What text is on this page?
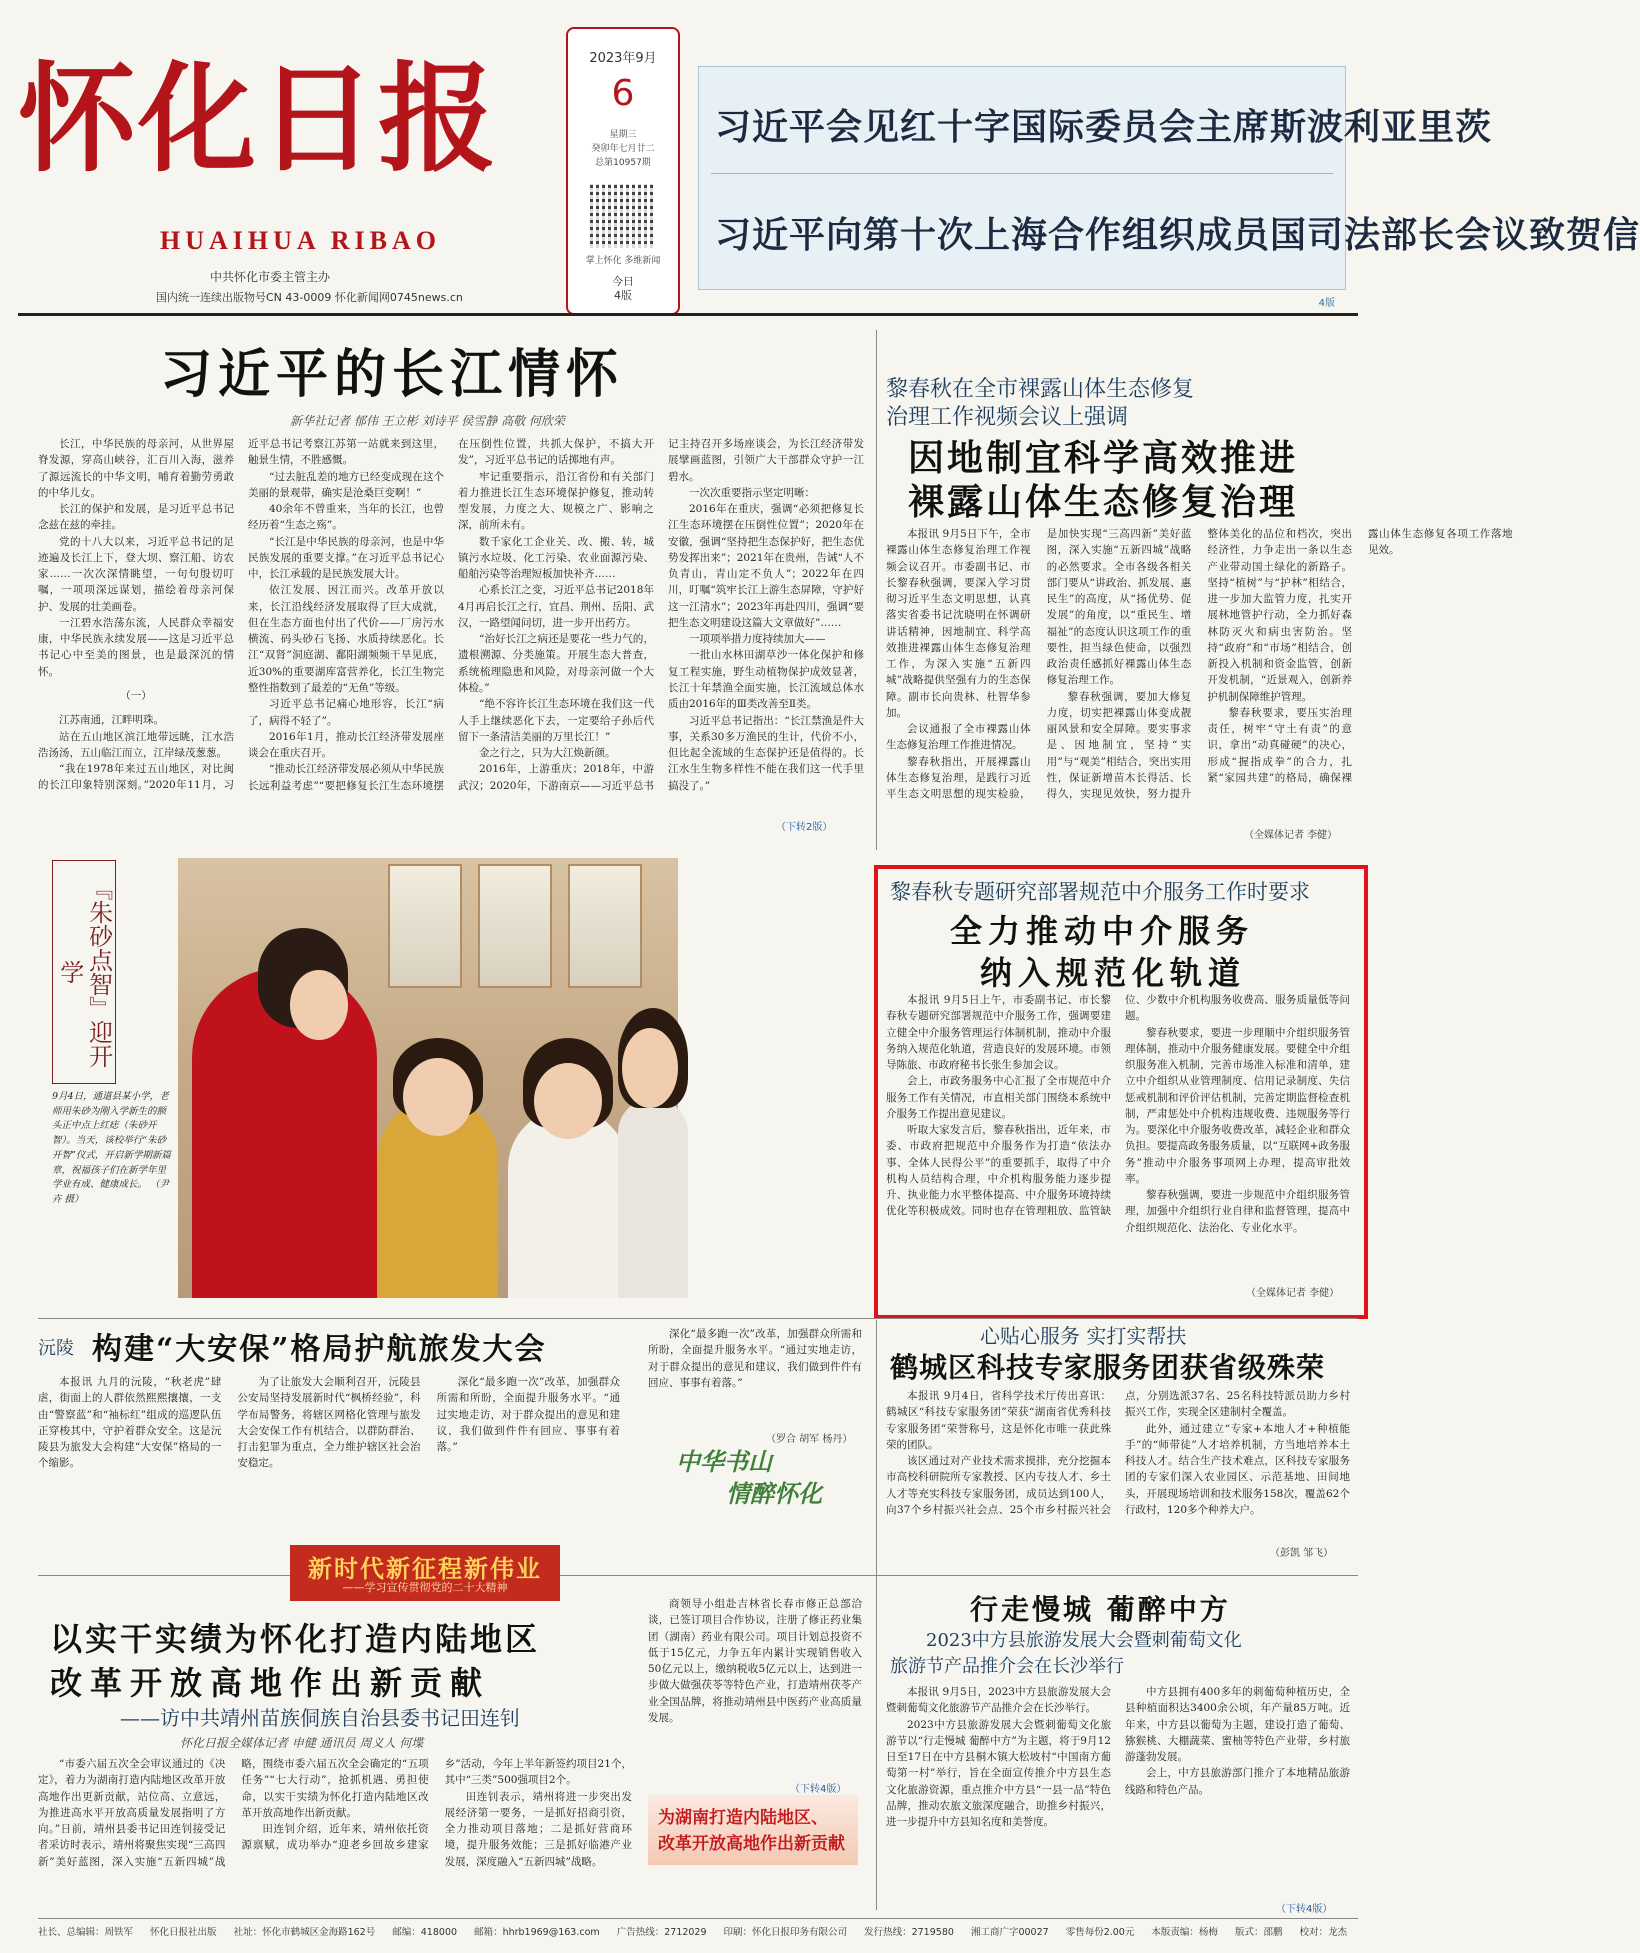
怀化日报
HUAIHUA RIBAO
中共怀化市委主管主办
国内统一连续出版物号CN 43-0009 怀化新闻网0745news.cn
2023年9月
6
星期三
癸卯年七月廿二
总第10957期
掌上怀化 多维新闻
今日
4版
习近平会见红十字国际委员会主席斯波利亚里茨
习近平向第十次上海合作组织成员国司法部长会议致贺信
4版
习近平的长江情怀
新华社记者 郁伟 王立彬 刘诗平 侯雪静 高敬 何欣荣

长江，中华民族的母亲河，从世界屋脊发源，穿高山峡谷，汇百川入海，滋养了源远流长的中华文明，哺育着勤劳勇敢的中华儿女。

长江的保护和发展，是习近平总书记念兹在兹的牵挂。

党的十八大以来，习近平总书记的足迹遍及长江上下，登大坝、察江船、访农家……一次次深情眺望，一句句殷切叮嘱，一项项深远谋划，描绘着母亲河保护、发展的壮美画卷。

一江碧水浩荡东流，人民群众幸福安康，中华民族永续发展——这是习近平总书记心中至美的图景，也是最深沉的情怀。

（一）

江苏南通，江畔明珠。

站在五山地区滨江地带远眺，江水浩浩汤汤，五山临江而立，江岸绿茂葱葱。

“我在1978年来过五山地区，对比闽的长江印象特别深刻。”2020年11月，习近平总书记考察江苏第一站就来到这里，触景生情，不胜感慨。

“过去脏乱差的地方已经变成现在这个美丽的景观带，确实是沧桑巨变啊！”

40余年不曾重来，当年的长江，也曾经历着“生态之殇”。

“长江是中华民族的母亲河，也是中华民族发展的重要支撑。”在习近平总书记心中，长江承载的是民族发展大计。

依江发展、因江而兴。改革开放以来，长江沿线经济发展取得了巨大成就，但在生态方面也付出了代价——厂房污水横流、码头砂石飞扬、水质持续恶化。长江“双肾”洞庭湖、鄱阳湖频频干旱见底，近30%的重要湖库富营养化，长江生物完整性指数到了最差的“无鱼”等级。

习近平总书记痛心地形容，长江“病了，病得不轻了”。

2016年1月，推动长江经济带发展座谈会在重庆召开。

“推动长江经济带发展必须从中华民族长远利益考虑”“要把修复长江生态环境摆在压倒性位置，共抓大保护，不搞大开发”，习近平总书记的话掷地有声。

牢记重要指示，沿江省份和有关部门着力推进长江生态环境保护修复，推动转型发展，力度之大、规模之广、影响之深，前所未有。

数千家化工企业关、改、搬、转，城镇污水垃圾、化工污染、农业面源污染、船舶污染等治理短板加快补齐……

心系长江之变，习近平总书记2018年4月再启长江之行，宜昌、荆州、岳阳、武汉，一路望闻问切，进一步开出药方。

“治好长江之病还是要花一些力气的，遗根溯源、分类施策。开展生态大普查，系统梳理隐患和风险，对母亲河做一个大体检。”

“绝不容许长江生态环境在我们这一代人手上继续恶化下去，一定要给子孙后代留下一条清洁美丽的万里长江！”

金之行之，只为大江焕新颜。

2016年，上游重庆；2018年，中游武汉；2020年，下游南京——习近平总书记主持召开多场座谈会，为长江经济带发展擘画蓝图，引领广大干部群众守护一江碧水。

一次次重要指示坚定明晰：

2016年在重庆，强调“必须把修复长江生态环境摆在压倒性位置”；2020年在安徽，强调“坚持把生态保护好，把生态优势发挥出来”；2021年在贵州，告诫“人不负青山，青山定不负人”；2022年在四川，叮嘱“筑牢长江上游生态屏障，守护好这一江清水”；2023年再赴四川，强调“要把生态文明建设这篇大文章做好”……

一项项举措力度持续加大——

一批山水林田湖草沙一体化保护和修复工程实施，野生动植物保护成效显著，长江十年禁渔全面实施，长江流域总体水质由2016年的Ⅲ类改善至Ⅱ类。

习近平总书记指出：“长江禁渔是件大事，关系30多万渔民的生计，代价不小，但比起全流域的生态保护还是值得的。长江水生生物多样性不能在我们这一代手里搞没了。”

（下转2版）
黎春秋在全市裸露山体生态修复
治理工作视频会议上强调
因地制宜科学高效推进
裸露山体生态修复治理

本报讯 9月5日下午，全市裸露山体生态修复治理工作视频会议召开。市委副书记、市长黎春秋强调，要深入学习贯彻习近平生态文明思想，认真落实省委书记沈晓明在怀调研讲话精神，因地制宜、科学高效推进裸露山体生态修复治理工作，为深入实施“五新四城”战略提供坚强有力的生态保障。副市长向贵林、杜智华参加。

会议通报了全市裸露山体生态修复治理工作推进情况。

黎春秋指出，开展裸露山体生态修复治理，是践行习近平生态文明思想的现实检验，是加快实现“三高四新”美好蓝图，深入实施“五新四城”战略的必然要求。全市各级各相关部门要从“讲政治、抓发展、惠民生”的高度，从“扬优势、促发展”的角度，以“重民生、增福祉”的态度认识这项工作的重要性，担当绿色使命，以强烈政治责任感抓好裸露山体生态修复治理工作。

黎春秋强调，要加大修复力度，切实把裸露山体变成靓丽风景和安全屏障。要实事求是、因地制宜，坚持“实用”与“观美”相结合，突出实用性，保证新增苗木长得活、长得久，实现见效快，努力提升整体美化的品位和档次，突出经济性，力争走出一条以生态产业带动国土绿化的新路子。坚持“植树”与“护林”相结合，进一步加大监管力度，扎实开展林地管护行动，全力抓好森林防灭火和病虫害防治。坚持“政府”和“市场”相结合，创新投入机制和资金监管，创新开发机制，“近景观入，创新养护机制保障维护管理。

黎春秋要求，要压实治理责任，树牢“守土有责”的意识，拿出“动真碰硬”的决心，形成“握指成拳”的合力，扎紧“家园共建”的格局，确保裸露山体生态修复各项工作落地见效。

（全媒体记者 李健）
『朱砂点智』迎开学
9月4日，通道县某小学，老师用朱砂为刚入学新生的额头正中点上红痣（朱砂开智）。当天，该校举行“朱砂开智”仪式，开启新学期新篇章，祝福孩子们在新学年里学业有成、健康成长。 （尹卉 摄）
黎春秋专题研究部署规范中介服务工作时要求
全力推动中介服务
纳入规范化轨道

本报讯 9月5日上午，市委副书记、市长黎春秋专题研究部署规范中介服务工作，强调要建立健全中介服务管理运行体制机制，推动中介服务纳入规范化轨道，营造良好的发展环境。市领导陈旅、市政府秘书长张生参加会议。

会上，市政务服务中心汇报了全市规范中介服务工作有关情况，市直相关部门围绕本系统中介服务工作提出意见建议。

听取大家发言后，黎春秋指出，近年来，市委、市政府把规范中介服务作为打造“依法办事、全体人民得公平”的重要抓手，取得了中介机构人员结构合理，中介机构服务能力逐步提升、执业能力水平整体提高、中介服务环境持续优化等积极成效。同时也存在管理粗放、监管缺位、少数中介机构服务收费高、服务质量低等问题。

黎春秋要求，要进一步理顺中介组织服务管理体制，推动中介服务健康发展。要健全中介组织服务准入机制，完善市场准入标准和清单，建立中介组织从业管理制度、信用记录制度、失信惩戒机制和评价评估机制，完善定期监督检查机制，严肃惩处中介机构违规收费、违规服务等行为。要深化中介服务收费改革，减轻企业和群众负担。要提高政务服务质量，以“互联网+政务服务”推动中介服务事项网上办理，提高审批效率。

黎春秋强调，要进一步规范中介组织服务管理，加强中介组织行业自律和监督管理，提高中介组织规范化、法治化、专业化水平。

（全媒体记者 李健）
沅陵 构建“大安保”格局护航旅发大会

本报讯 九月的沅陵，“秋老虎”肆虐，街面上的人群依然熙熙攘攘，一支由“警察蓝”和“袖标红”组成的巡逻队伍正穿梭其中，守护着群众安全。这是沅陵县为旅发大会构建“大安保”格局的一个缩影。

为了让旅发大会顺利召开，沅陵县公安局坚持发展新时代“枫桥经验”，科学布局警务，将辖区网格化管理与旅发大会安保工作有机结合，以群防群治、打击犯罪为重点，全力维护辖区社会治安稳定。

深化“最多跑一次”改革，加强群众所需和所盼，全面提升服务水平。“通过实地走访，对于群众提出的意见和建议，我们做到件件有回应、事事有着落。”

深化“最多跑一次”改革，加强群众所需和所盼，全面提升服务水平。“通过实地走访，对于群众提出的意见和建议，我们做到件件有回应、事事有着落。”

（罗合 胡军 杨丹）
中华书山
情醉怀化
心贴心服务 实打实帮扶
鹤城区科技专家服务团获省级殊荣

本报讯 9月4日，省科学技术厅传出喜讯：鹤城区“科技专家服务团”荣获“湖南省优秀科技专家服务团”荣誉称号，这是怀化市唯一获此殊荣的团队。

该区通过对产业技术需求摸排，充分挖掘本市高校科研院所专家教授、区内专技人才、乡土人才等充实科技专家服务团，成员达到100人，向37个乡村振兴社会点、25个市乡村振兴社会点，分别选派37名、25名科技特派员助力乡村振兴工作，实现全区建制村全覆盖。

此外，通过建立“专家+本地人才+种植能手”的“师带徒”人才培养机制，方当地培养本土科技人才。结合生产技术难点，区科技专家服务团的专家们深入农业园区、示范基地、田间地头，开展现场培训和技术服务158次，覆盖62个行政村，120多个种养大户。

（彭凯 邹飞）
新时代新征程新伟业
——学习宣传贯彻党的二十大精神
以实干实绩为怀化打造内陆地区
改革开放高地作出新贡献
——访中共靖州苗族侗族自治县委书记田连钊
怀化日报全媒体记者 申健 通讯员 周义人 何堞

“市委六届五次全会审议通过的《决定》，着力为湖南打造内陆地区改革开放高地作出更新贡献，站位高、立意远，为推进高水平开放高质量发展指明了方向。”日前，靖州县委书记田连钊接受记者采访时表示，靖州将聚焦实现“三高四新”美好蓝图，深入实施“五新四城”战略，围绕市委六届五次全会确定的“五项任务”“七大行动”，抢抓机遇、勇担使命，以实干实绩为怀化打造内陆地区改革开放高地作出新贡献。

田连钊介绍，近年来，靖州依托资源禀赋，成功举办“迎老乡回故乡建家乡”活动，今年上半年新签约项目21个，其中“三类”500强项目2个。

田连钊表示，靖州将进一步突出发展经济第一要务，一是抓好招商引资，全力推动项目落地；二是抓好营商环境，提升服务效能；三是抓好临港产业发展，深度融入“五新四城”战略。

商领导小组赴吉林省长春市修正总部洽谈，已签订项目合作协议，注册了修正药业集团（湖南）药业有限公司。项目计划总投资不低于15亿元，力争五年内累计实现销售收入50亿元以上，缴纳税收5亿元以上，达到进一步做大做强茯苓等特色产业，打造靖州茯苓产业全国品牌，将推动靖州县中医药产业高质量发展。

（下转4版）
为湖南打造内陆地区、
改革开放高地作出新贡献
行走慢城 葡醉中方
2023中方县旅游发展大会暨刺葡萄文化
旅游节产品推介会在长沙举行

本报讯 9月5日，2023中方县旅游发展大会暨刺葡萄文化旅游节产品推介会在长沙举行。

2023中方县旅游发展大会暨刺葡萄文化旅游节以“行走慢城 葡醉中方”为主题，将于9月12日至17日在中方县桐木镇大松坡村“中国南方葡萄第一村”举行，旨在全面宣传推介中方县生态文化旅游资源，重点推介中方县“一县一品”特色品牌，推动农旅文旅深度融合，助推乡村振兴，进一步提升中方县知名度和美誉度。

中方县拥有400多年的刺葡萄种植历史，全县种植面积达3400余公顷，年产量85万吨。近年来，中方县以葡萄为主题，建设打造了葡萄、猕猴桃、大棚蔬菜、蜜柚等特色产业带，乡村旅游蓬勃发展。

会上，中方县旅游部门推介了本地精品旅游线路和特色产品。

（下转4版）
社长、总编辑：周铁军 怀化日报社出版 社址：怀化市鹤城区金海路162号 邮编：418000 邮箱：hhrb1969@163.com 广告热线：2712029 印刷：怀化日报印务有限公司 发行热线：2719580 湘工商广字00027 零售每份2.00元 本版责编：杨梅 版式：邵鹏 校对：龙杰
